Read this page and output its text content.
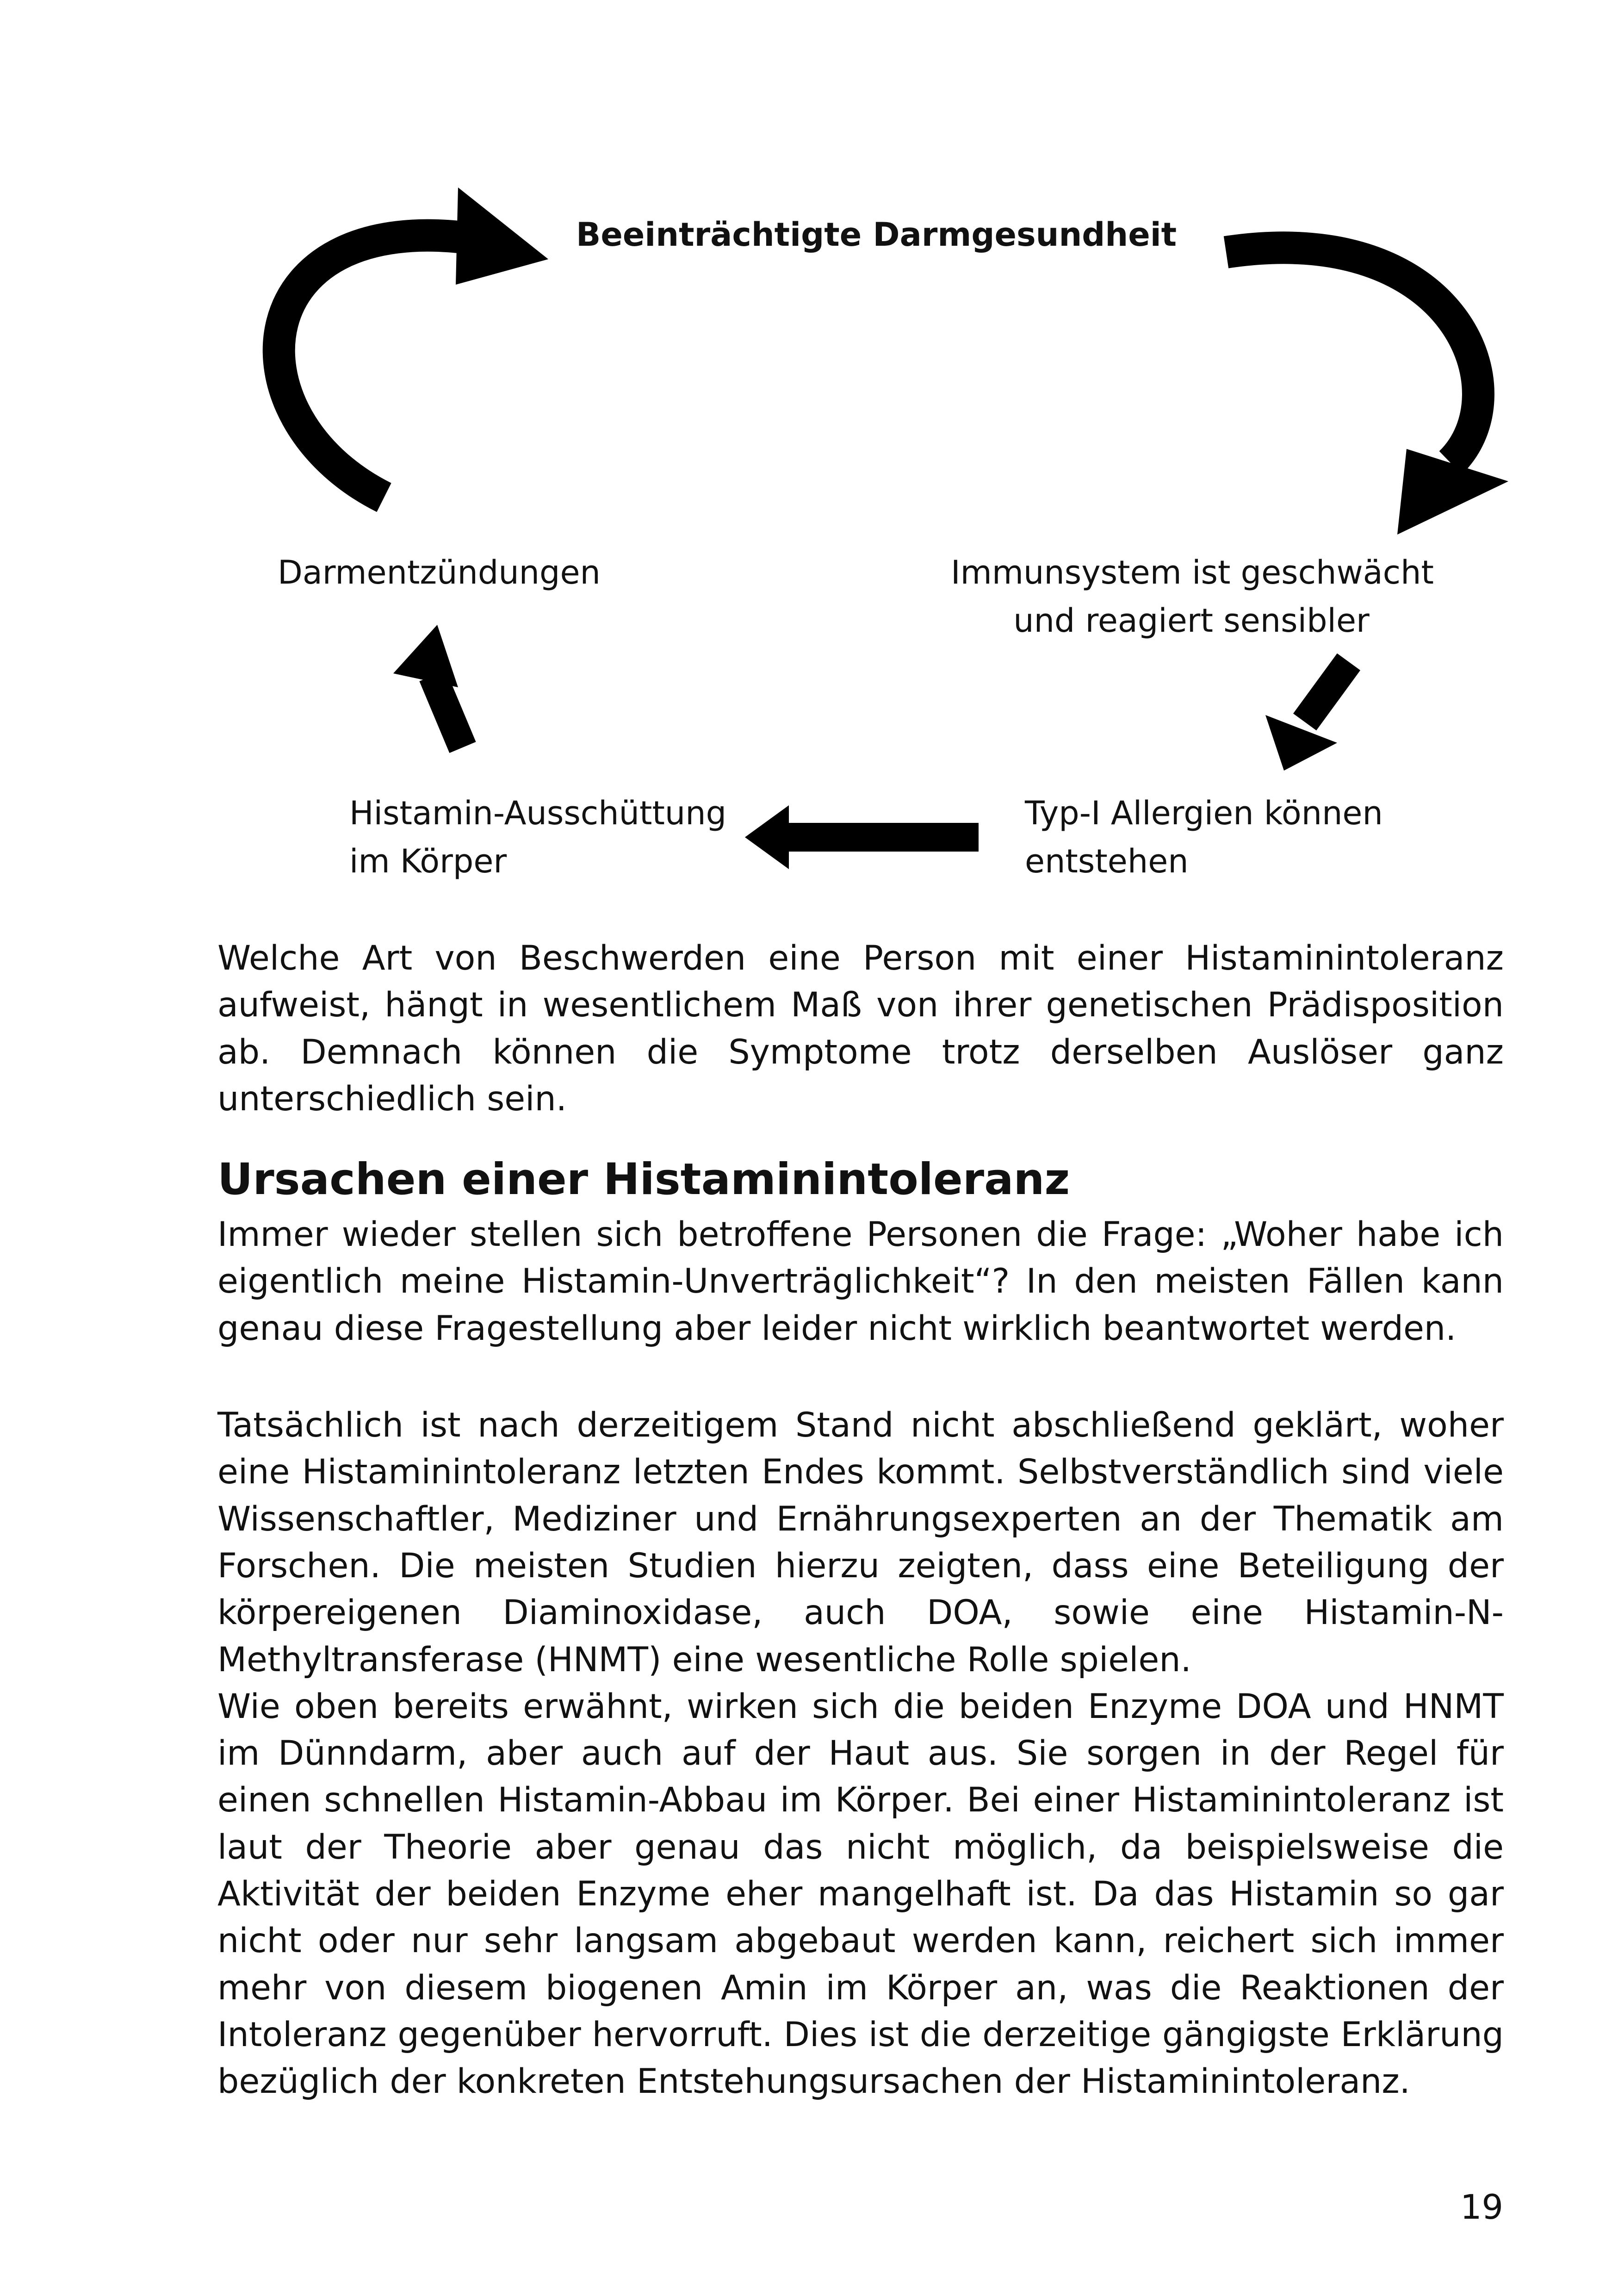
Beeinträchtigte Darmgesundheit

Darmentzündungen	Immunsystem ist geschwächt
und reagiert sensibler
Typ-I Allergien können
entstehen
Histamin-Ausschüttung
im Körper

Welche Art von Beschwerden eine Person mit einer Histaminintoleranz aufweist, hängt in wesentlichem Maß von ihrer genetischen Prädisposition ab. Demnach können die Symptome trotz derselben Auslöser ganz unterschiedlich sein.

Ursachen einer Histaminintoleranz

Immer wieder stellen sich betroffene Personen die Frage: „Woher habe ich eigentlich meine Histamin-Unverträglichkeit“? In den meisten Fällen kann genau diese Fragestellung aber leider nicht wirklich beantwortet werden.

Tatsächlich ist nach derzeitigem Stand nicht abschließend geklärt, woher eine Histaminintoleranz letzten Endes kommt. Selbstverständlich sind viele Wissenschaftler, Mediziner und Ernährungsexperten an der Thematik am Forschen. Die meisten Studien hierzu zeigten, dass eine Beteiligung der körpereigenen Diaminoxidase, auch DOA, sowie eine Histamin-N-Methyltransferase (HNMT) eine wesentliche Rolle spielen.

Wie oben bereits erwähnt, wirken sich die beiden Enzyme DOA und HNMT im Dünndarm, aber auch auf der Haut aus. Sie sorgen in der Regel für einen schnellen Histamin-Abbau im Körper. Bei einer Histaminintoleranz ist laut der Theorie aber genau das nicht möglich, da beispielsweise die Aktivität der beiden Enzyme eher mangelhaft ist. Da das Histamin so gar nicht oder nur sehr langsam abgebaut werden kann, reichert sich immer mehr von diesem biogenen Amin im Körper an, was die Reaktionen der Intoleranz gegenüber hervorruft. Dies ist die derzeitige gängigste Erklärung bezüglich der konkreten Entstehungsursachen der Histaminintoleranz.

19
